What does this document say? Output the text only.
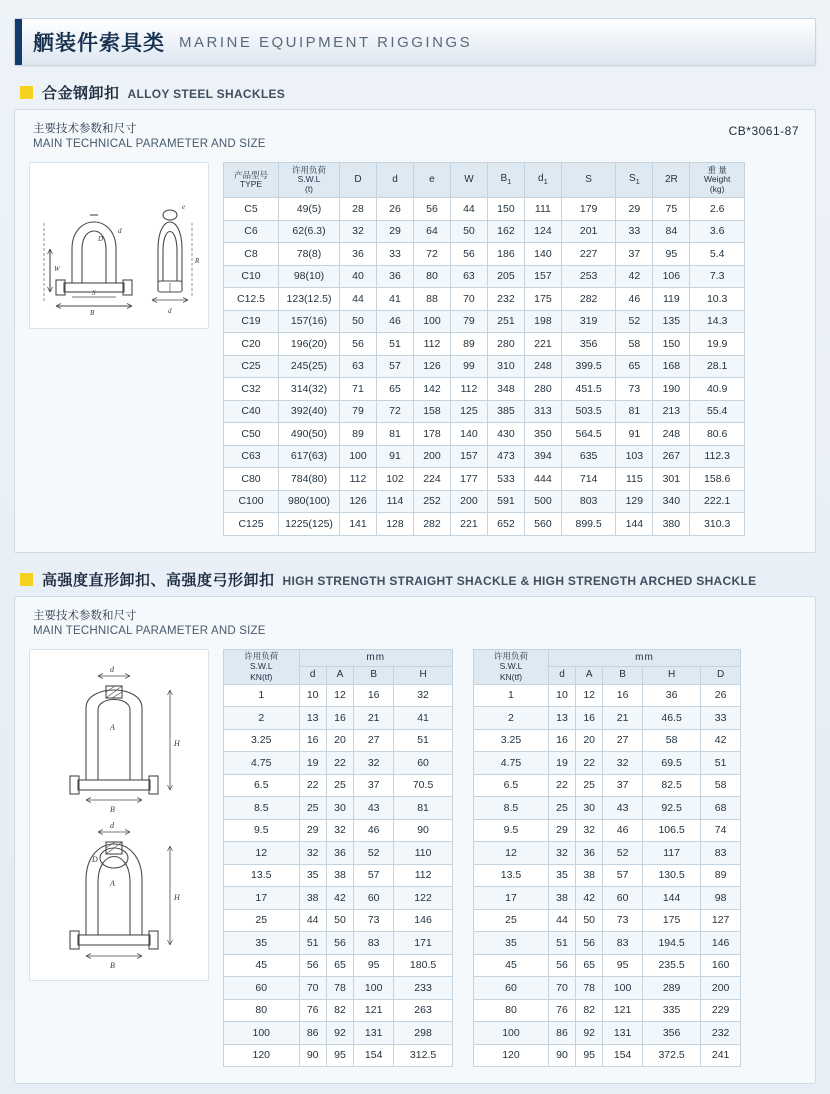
舾装件索具类 MARINE EQUIPMENT RIGGINGS
合金钢卸扣 ALLOY STEEL SHACKLES
CB*3061-87
主要技术参数和尺寸
MAIN TECHNICAL PARAMETER AND SIZE
D
d
W
S
B
e
R
d
产品型号
TYPE	许用负荷
S.W.L
(t)	D	d	e	W	$B_1$	$d_1$	S	$S_1$	2R	重 量
Weight
(kg)

C5	49(5)	28	26	56	44	150	111	179	29	75	2.6
C6	62(6.3)	32	29	64	50	162	124	201	33	84	3.6
C8	78(8)	36	33	72	56	186	140	227	37	95	5.4
C10	98(10)	40	36	80	63	205	157	253	42	106	7.3
C12.5	123(12.5)	44	41	88	70	232	175	282	46	119	10.3
C19	157(16)	50	46	100	79	251	198	319	52	135	14.3
C20	196(20)	56	51	112	89	280	221	356	58	150	19.9
C25	245(25)	63	57	126	99	310	248	399.5	65	168	28.1
C32	314(32)	71	65	142	112	348	280	451.5	73	190	40.9
C40	392(40)	79	72	158	125	385	313	503.5	81	213	55.4
C50	490(50)	89	81	178	140	430	350	564.5	91	248	80.6
C63	617(63)	100	91	200	157	473	394	635	103	267	112.3
C80	784(80)	112	102	224	177	533	444	714	115	301	158.6
C100	980(100)	126	114	252	200	591	500	803	129	340	222.1
C125	1225(125)	141	128	282	221	652	560	899.5	144	380	310.3
高强度直形卸扣、高强度弓形卸扣 HIGH STRENGTH STRAIGHT SHACKLE & HIGH STRENGTH ARCHED SHACKLE
主要技术参数和尺寸
MAIN TECHNICAL PARAMETER AND SIZE
d
A
H
B
d
A
H
B
D
许用负荷
S.W.L
KN(tf)	mm			
	d	A	B	H
1	10	12	16	32
2	13	16	21	41
3.25	16	20	27	51
4.75	19	22	32	60
6.5	22	25	37	70.5
8.5	25	30	43	81
9.5	29	32	46	90
12	32	36	52	110
13.5	35	38	57	112
17	38	42	60	122
25	44	50	73	146
35	51	56	83	171
45	56	65	95	180.5
60	70	78	100	233
80	76	82	121	263
100	86	92	131	298
120	90	95	154	312.5
许用负荷
S.W.L
KN(tf)	mm				
	d	A	B	H	D
1	10	12	16	36	26
2	13	16	21	46.5	33
3.25	16	20	27	58	42
4.75	19	22	32	69.5	51
6.5	22	25	37	82.5	58
8.5	25	30	43	92.5	68
9.5	29	32	46	106.5	74
12	32	36	52	117	83
13.5	35	38	57	130.5	89
17	38	42	60	144	98
25	44	50	73	175	127
35	51	56	83	194.5	146
45	56	65	95	235.5	160
60	70	78	100	289	200
80	76	82	121	335	229
100	86	92	131	356	232
120	90	95	154	372.5	241
